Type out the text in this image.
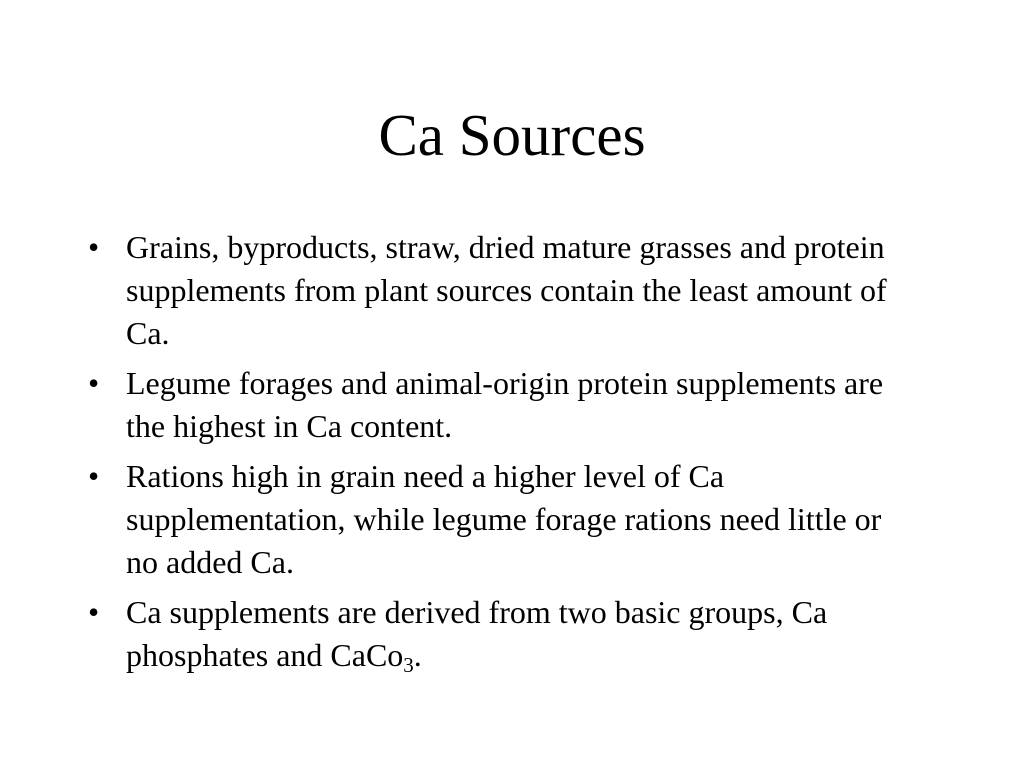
Ca Sources
• Grains, byproducts, straw, dried mature grasses and protein supplements from plant sources contain the least amount of Ca.
• Legume forages and animal-origin protein supplements are the highest in Ca content.
• Rations high in grain need a higher level of Ca supplementation, while legume forage rations need little or no added Ca.
• Ca supplements are derived from two basic groups, Ca phosphates and CaCo$_3$.
